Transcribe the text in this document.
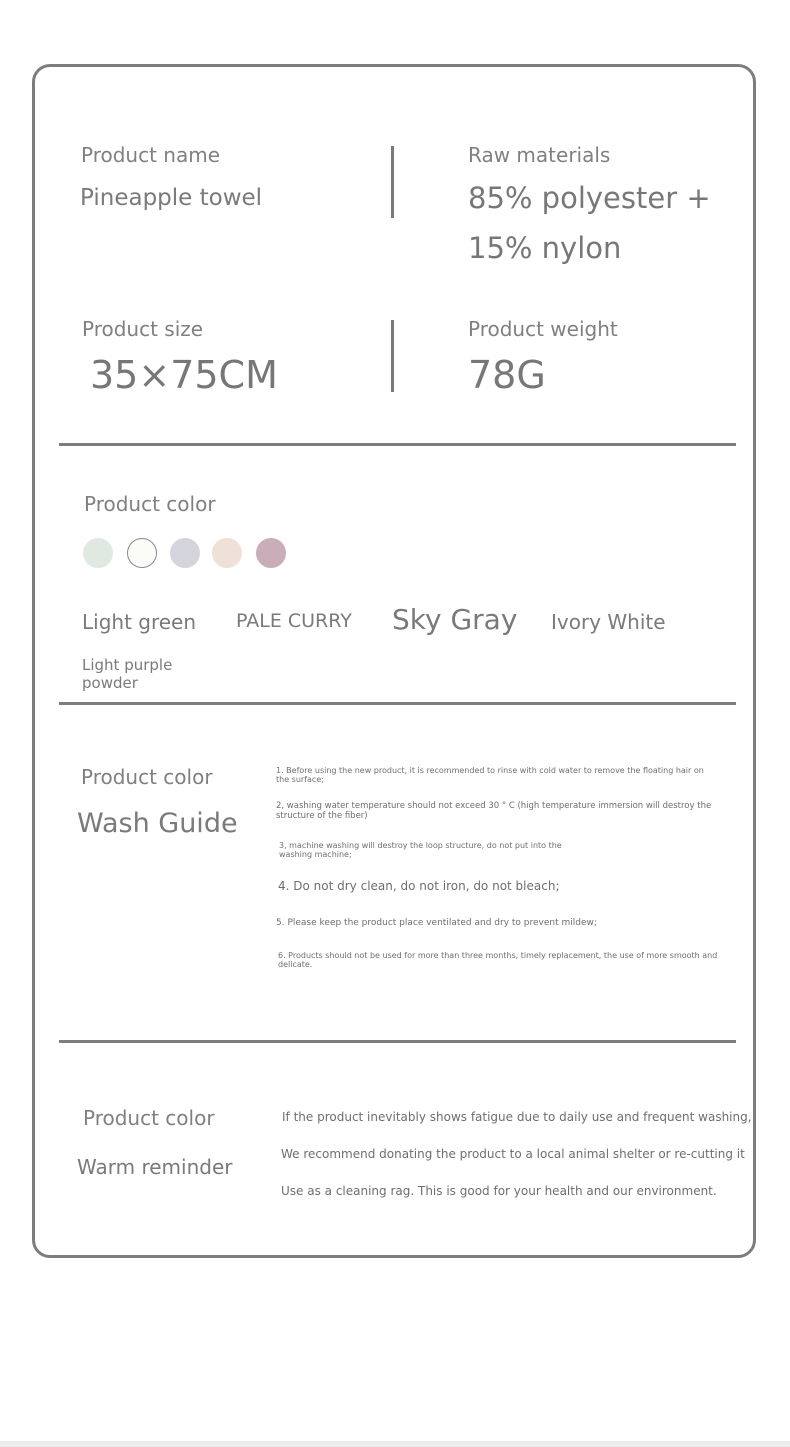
Product name
Pineapple towel
Raw materials
85% polyester +
15% nylon
Product size
35×75CM
Product weight
78G
Product color
Light green PALE CURRY Sky Gray Ivory White
Light purple
powder
Product color
Wash Guide
1. Before using the new product, it is recommended to rinse with cold water to remove the floating hair on the surface;
2, washing water temperature should not exceed 30 ° C (high temperature immersion will destroy the structure of the fiber)
3, machine washing will destroy the loop structure, do not put into the washing machine;
4. Do not dry clean, do not iron, do not bleach;
5. Please keep the product place ventilated and dry to prevent mildew;
6. Products should not be used for more than three months, timely replacement, the use of more smooth and delicate.
Product color
Warm reminder
If the product inevitably shows fatigue due to daily use and frequent washing,
We recommend donating the product to a local animal shelter or re-cutting it
Use as a cleaning rag. This is good for your health and our environment.
